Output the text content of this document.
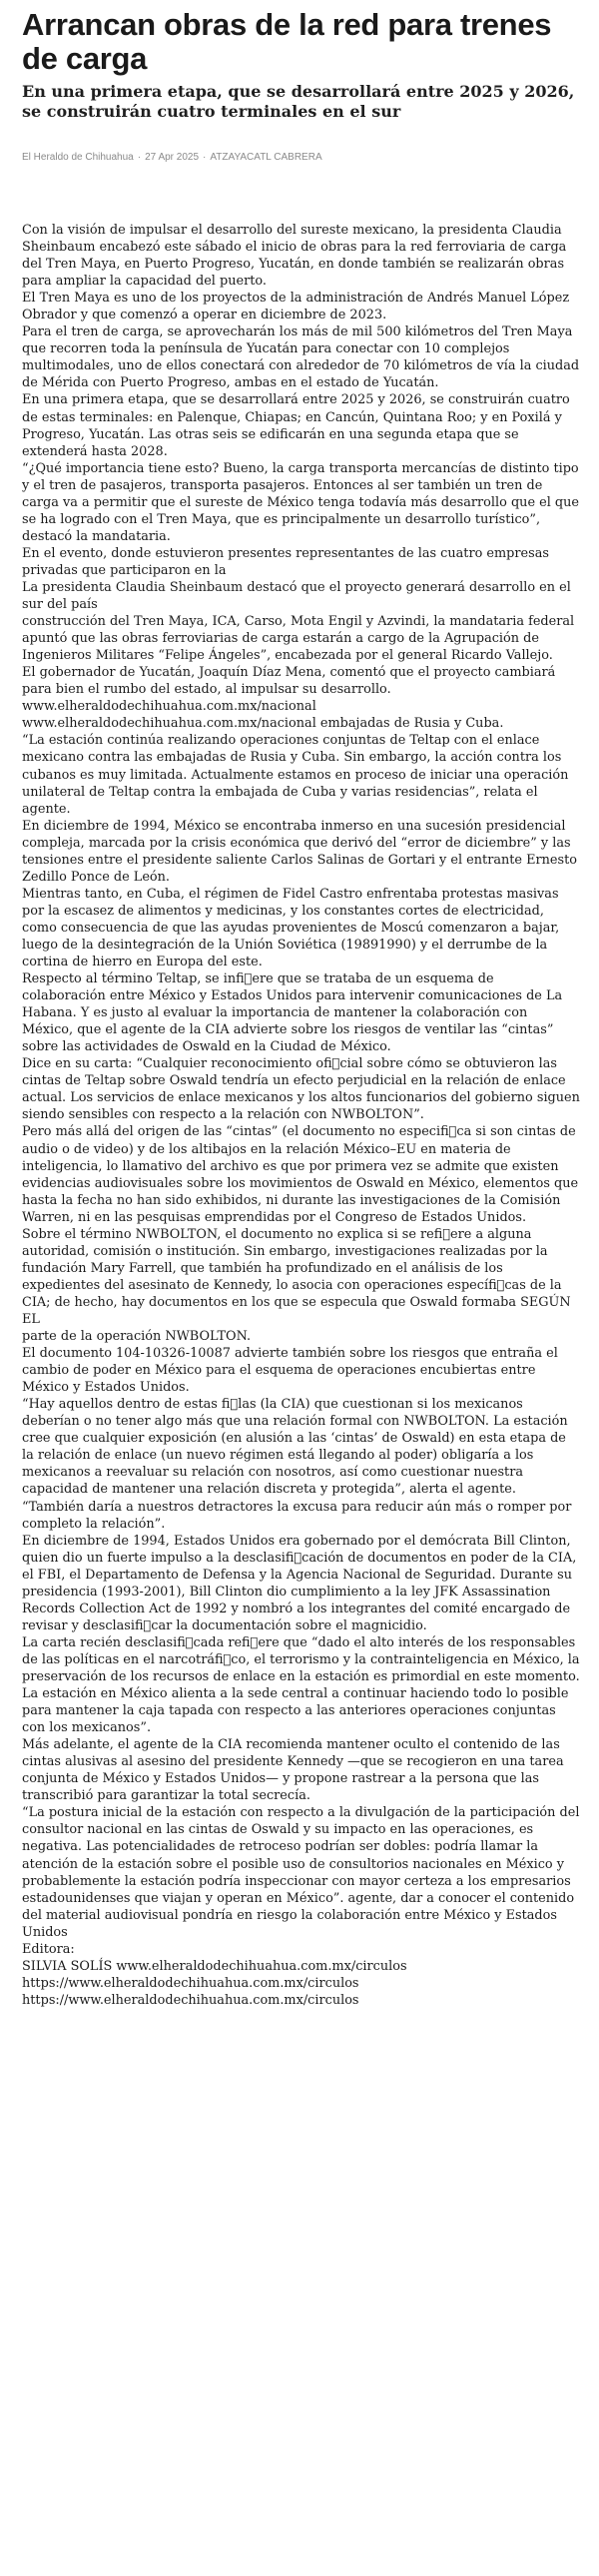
Arrancan obras de la red para trenes de carga
En una primera etapa, que se desarrollará entre 2025 y 2026, se construirán cuatro terminales en el sur
El Heraldo de Chihuahua · 27 Apr 2025 · ATZAYACATL CABRERA

Con la visión de impulsar el desarrollo del sureste mexicano, la presidenta Claudia Sheinbaum encabezó este sábado el inicio de obras para la red ferroviaria de carga del Tren Maya, en Puerto Progreso, Yucatán, en donde también se realizarán obras para ampliar la capacidad del puerto.

El Tren Maya es uno de los proyectos de la administración de Andrés Manuel López Obrador y que comenzó a operar en diciembre de 2023.

Para el tren de carga, se aprovecharán los más de mil 500 kilómetros del Tren Maya que recorren toda la península de Yucatán para conectar con 10 complejos multimodales, uno de ellos conectará con alrededor de 70 kilómetros de vía la ciudad de Mérida con Puerto Progreso, ambas en el estado de Yucatán.

En una primera etapa, que se desarrollará entre 2025 y 2026, se construirán cuatro de estas terminales: en Palenque, Chiapas; en Cancún, Quintana Roo; y en Poxilá y Progreso, Yucatán. Las otras seis se edificarán en una segunda etapa que se extenderá hasta 2028.

“¿Qué importancia tiene esto? Bueno, la carga transporta mercancías de distinto tipo y el tren de pasajeros, transporta pasajeros. Entonces al ser también un tren de carga va a permitir que el sureste de México tenga todavía más desarrollo que el que se ha logrado con el Tren Maya, que es principalmente un desarrollo turístico”, destacó la mandataria.

En el evento, donde estuvieron presentes representantes de las cuatro empresas privadas que participaron en la

La presidenta Claudia Sheinbaum destacó que el proyecto generará desarrollo en el sur del país

construcción del Tren Maya, ICA, Carso, Mota Engil y Azvindi, la mandataria federal apuntó que las obras ferroviarias de carga estarán a cargo de la Agrupación de Ingenieros Militares “Felipe Ángeles”, encabezada por el general Ricardo Vallejo.

El gobernador de Yucatán, Joaquín Díaz Mena, comentó que el proyecto cambiará para bien el rumbo del estado, al impulsar su desarrollo.

www.elheraldodechihuahua.com.mx/nacional

www.elheraldodechihuahua.com.mx/nacional embajadas de Rusia y Cuba.

“La estación continúa realizando operaciones conjuntas de Teltap con el enlace mexicano contra las embajadas de Rusia y Cuba. Sin embargo, la acción contra los cubanos es muy limitada. Actualmente estamos en proceso de iniciar una operación unilateral de Teltap contra la embajada de Cuba y varias residencias”, relata el agente.

En diciembre de 1994, México se encontraba inmerso en una sucesión presidencial compleja, marcada por la crisis económica que derivó del “error de diciembre” y las tensiones entre el presidente saliente Carlos Salinas de Gortari y el entrante Ernesto Zedillo Ponce de León.

Mientras tanto, en Cuba, el régimen de Fidel Castro enfrentaba protestas masivas por la escasez de alimentos y medicinas, y los constantes cortes de electricidad, como consecuencia de que las ayudas provenientes de Moscú comenzaron a bajar, luego de la desintegración de la Unión Soviética (19891990) y el derrumbe de la cortina de hierro en Europa del este.

Respecto al término Teltap, se infi￿ere que se trataba de un esquema de colaboración entre México y Estados Unidos para intervenir comunicaciones de La Habana. Y es justo al evaluar la importancia de mantener la colaboración con México, que el agente de la CIA advierte sobre los riesgos de ventilar las “cintas” sobre las actividades de Oswald en la Ciudad de México.

Dice en su carta: “Cualquier reconocimiento ofi￿cial sobre cómo se obtuvieron las cintas de Teltap sobre Oswald tendría un efecto perjudicial en la relación de enlace actual. Los servicios de enlace mexicanos y los altos funcionarios del gobierno siguen siendo sensibles con respecto a la relación con NWBOLTON”.

Pero más allá del origen de las “cintas” (el documento no especifi￿ca si son cintas de audio o de video) y de los altibajos en la relación México–EU en materia de inteligencia, lo llamativo del archivo es que por primera vez se admite que existen evidencias audiovisuales sobre los movimientos de Oswald en México, elementos que hasta la fecha no han sido exhibidos, ni durante las investigaciones de la Comisión Warren, ni en las pesquisas emprendidas por el Congreso de Estados Unidos.

Sobre el término NWBOLTON, el documento no explica si se refi￿ere a alguna autoridad, comisión o institución. Sin embargo, investigaciones realizadas por la fundación Mary Farrell, que también ha profundizado en el análisis de los expedientes del asesinato de Kennedy, lo asocia con operaciones específi￿cas de la CIA; de hecho, hay documentos en los que se especula que Oswald formaba SEGÚN EL

parte de la operación NWBOLTON.

El documento 104-10326-10087 advierte también sobre los riesgos que entraña el cambio de poder en México para el esquema de operaciones encubiertas entre México y Estados Unidos.

“Hay aquellos dentro de estas fi￿las (la CIA) que cuestionan si los mexicanos deberían o no tener algo más que una relación formal con NWBOLTON. La estación cree que cualquier exposición (en alusión a las ‘cintas’ de Oswald) en esta etapa de la relación de enlace (un nuevo régimen está llegando al poder) obligaría a los mexicanos a reevaluar su relación con nosotros, así como cuestionar nuestra capacidad de mantener una relación discreta y protegida”, alerta el agente. “También daría a nuestros detractores la excusa para reducir aún más o romper por completo la relación”.

En diciembre de 1994, Estados Unidos era gobernado por el demócrata Bill Clinton, quien dio un fuerte impulso a la desclasifi￿cación de documentos en poder de la CIA, el FBI, el Departamento de Defensa y la Agencia Nacional de Seguridad. Durante su presidencia (1993-2001), Bill Clinton dio cumplimiento a la ley JFK Assassination Records Collection Act de 1992 y nombró a los integrantes del comité encargado de revisar y desclasifi￿car la documentación sobre el magnicidio.

La carta recién desclasifi￿cada refi￿ere que “dado el alto interés de los responsables de las políticas en el narcotráfi￿co, el terrorismo y la contrainteligencia en México, la preservación de los recursos de enlace en la estación es primordial en este momento. La estación en México alienta a la sede central a continuar haciendo todo lo posible para mantener la caja tapada con respecto a las anteriores operaciones conjuntas con los mexicanos”.

Más adelante, el agente de la CIA recomienda mantener oculto el contenido de las cintas alusivas al asesino del presidente Kennedy —que se recogieron en una tarea conjunta de México y Estados Unidos— y propone rastrear a la persona que las transcribió para garantizar la total secrecía.

“La postura inicial de la estación con respecto a la divulgación de la participación del consultor nacional en las cintas de Oswald y su impacto en las operaciones, es negativa. Las potencialidades de retroceso podrían ser dobles: podría llamar la atención de la estación sobre el posible uso de consultorios nacionales en México y probablemente la estación podría inspeccionar con mayor certeza a los empresarios estadounidenses que viajan y operan en México”. agente, dar a conocer el contenido del material audiovisual pondría en riesgo la colaboración entre México y Estados Unidos

Editora:

SILVIA SOLÍS www.elheraldodechihuahua.com.mx/circulos

https://www.elheraldodechihuahua.com.mx/circulos

https://www.elheraldodechihuahua.com.mx/circulos
